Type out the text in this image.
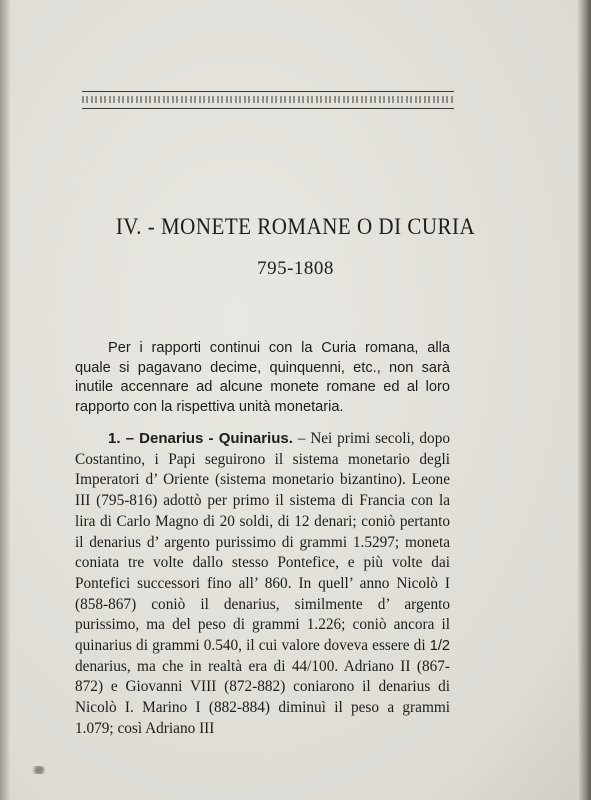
IV. - MONETE ROMANE O DI CURIA
795-1808

Per i rapporti continui con la Curia romana, alla quale si pagavano decime, quinquenni, etc., non sarà inutile accennare ad alcune monete romane ed al loro rapporto con la rispettiva unità monetaria.

1. – Denarius - Quinarius. – Nei primi secoli, dopo Costantino, i Papi seguirono il sistema monetario degli Imperatori d’ Oriente (sistema monetario bizantino). Leone III (795-816) adottò per primo il sistema di Francia con la lira di Carlo Magno di 20 soldi, di 12 denari; coniò pertanto il denarius d’ argento purissimo di grammi 1.5297; moneta coniata tre volte dallo stesso Pontefice, e più volte dai Pontefici successori fino all’ 860. In quell’ anno Nicolò I (858-867) coniò il denarius, similmente d’ argento purissimo, ma del peso di grammi 1.226; coniò ancora il quinarius di grammi 0.540, il cui valore doveva essere di 1/2 denarius, ma che in realtà era di 44/100. Adriano II (867-872) e Giovanni VIII (872-882) coniarono il denarius di Nicolò I. Marino I (882-884) diminuì il peso a grammi 1.079; così Adriano III
